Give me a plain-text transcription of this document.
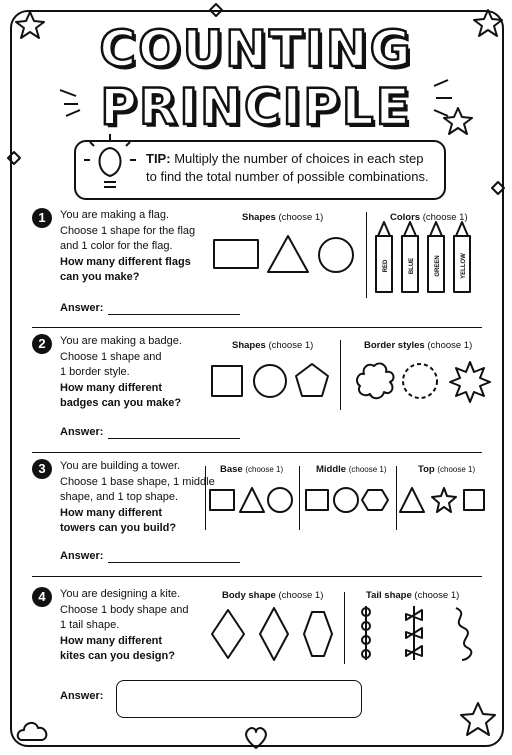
COUNTING
PRINCIPLE
TIP: Multiply the number of choices in each step to find the total number of possible combinations.
1	You are making a flag.
Choose 1 shape for the flag
and 1 color for the flag.
How many different flags
can you make?
Shapes (choose 1)	Colors (choose 1)
Answer:
2	You are making a badge.
Choose 1 shape and
1 border style.
How many different
badges can you make?
Shapes (choose 1)	Border styles (choose 1)
Answer:
3	You are building a tower.
Choose 1 base shape, 1 middle
shape, and 1 top shape.
How many different
towers can you build?
Base (choose 1)	Middle (choose 1)	Top (choose 1)
Answer:
4	You are designing a kite.
Choose 1 body shape and
1 tail shape.
How many different
kites can you design?
Body shape (choose 1)	Tail shape (choose 1)
Answer:
RED	BLUE	GREEN	YELLOW
